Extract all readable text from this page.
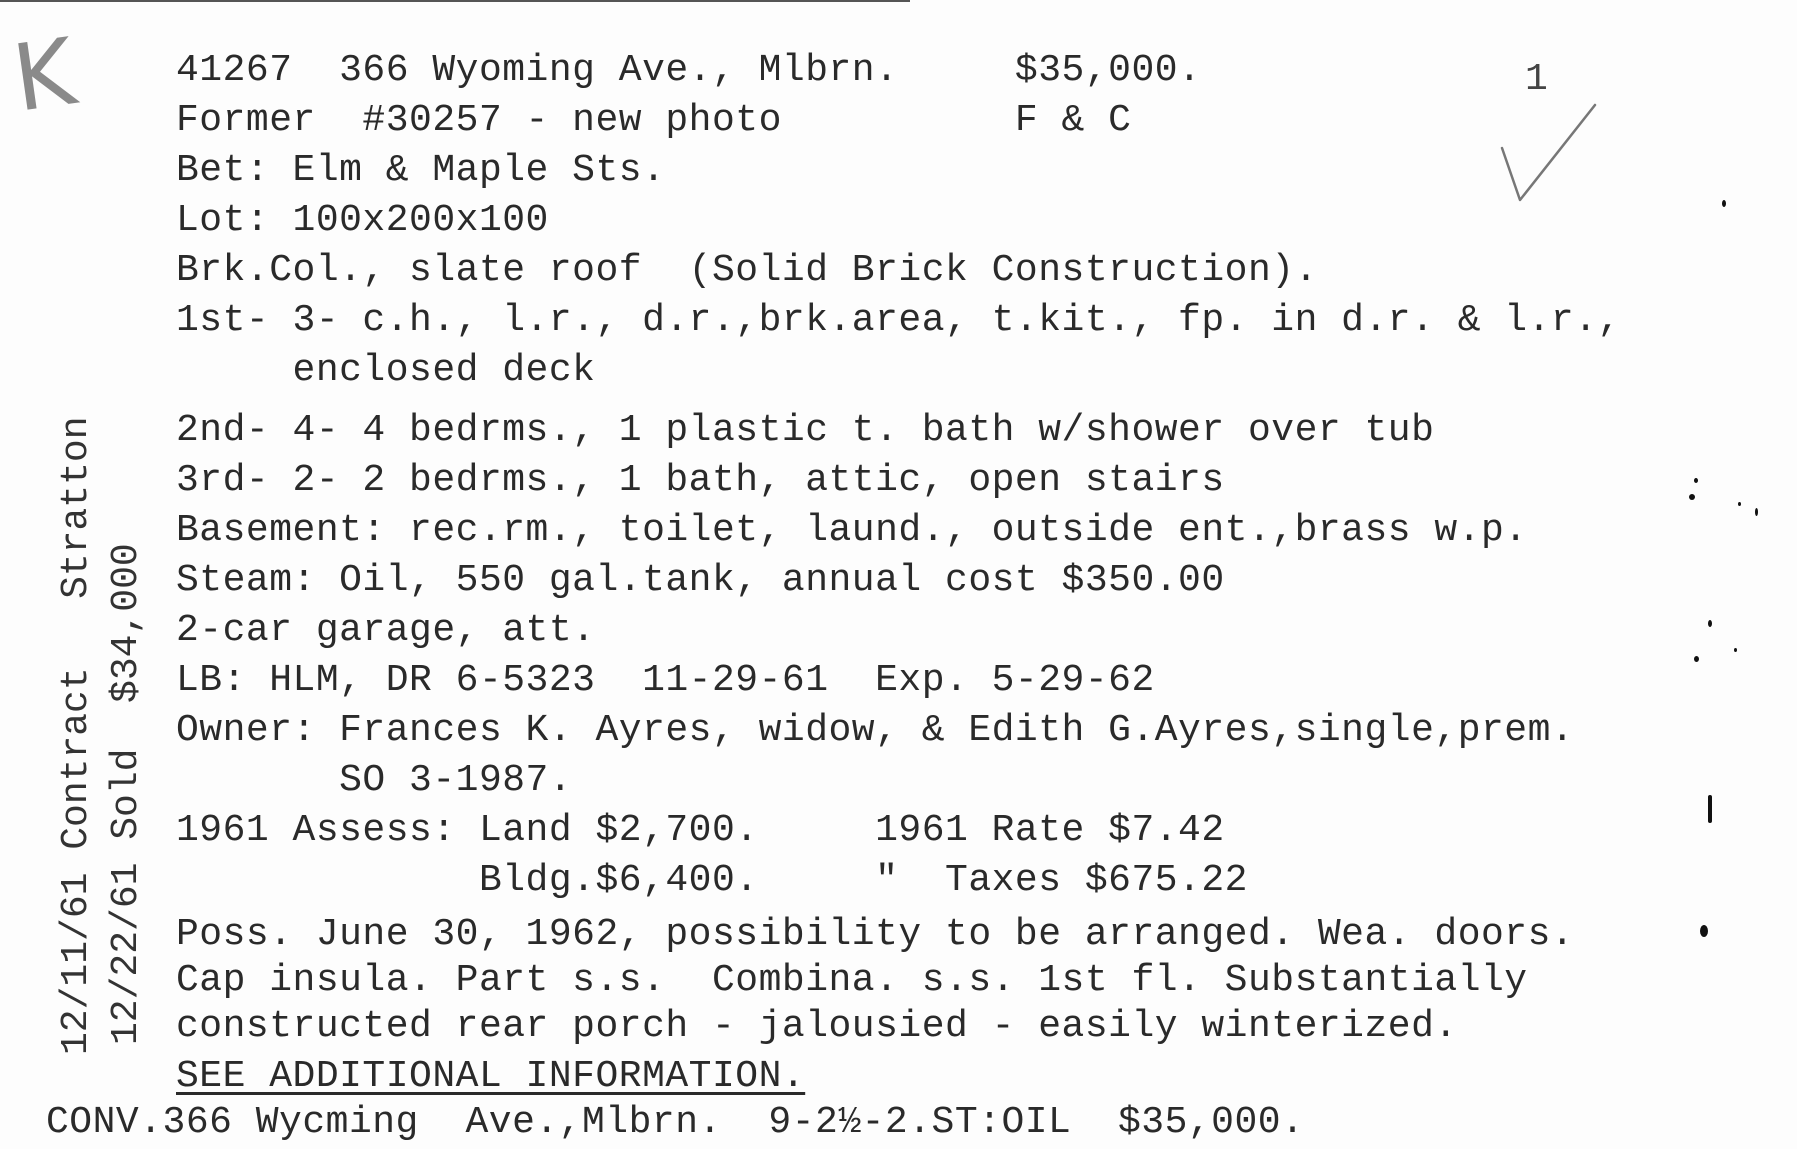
K	1
41267  366 Wyoming Ave., Mlbrn.     $35,000.
Former  #30257 - new photo          F & C
Bet: Elm & Maple Sts.
Lot: 100x200x100
Brk.Col., slate roof  (Solid Brick Construction).
1st- 3- c.h., l.r., d.r.,brk.area, t.kit., fp. in d.r. & l.r.,
enclosed deck
2nd- 4- 4 bedrms., 1 plastic t. bath w/shower over tub
3rd- 2- 2 bedrms., 1 bath, attic, open stairs
Basement: rec.rm., toilet, laund., outside ent.,brass w.p.
Steam: Oil, 550 gal.tank, annual cost $350.00
2-car garage, att.
LB: HLM, DR 6-5323  11-29-61  Exp. 5-29-62
Owner: Frances K. Ayres, widow, & Edith G.Ayres,single,prem.
SO 3-1987.
1961 Assess: Land $2,700.     1961 Rate $7.42
Bldg.$6,400.     "  Taxes $675.22
Poss. June 30, 1962, possibility to be arranged. Wea. doors.
Cap insula. Part s.s.  Combina. s.s. 1st fl. Substantially
constructed rear porch - jalousied - easily winterized.
SEE ADDITIONAL INFORMATION.
CONV.366 Wycming  Ave.,Mlbrn.  9-2½-2.ST:OIL  $35,000.
12/11/61 Contract   Stratton 12/22/61 Sold  $34,000
